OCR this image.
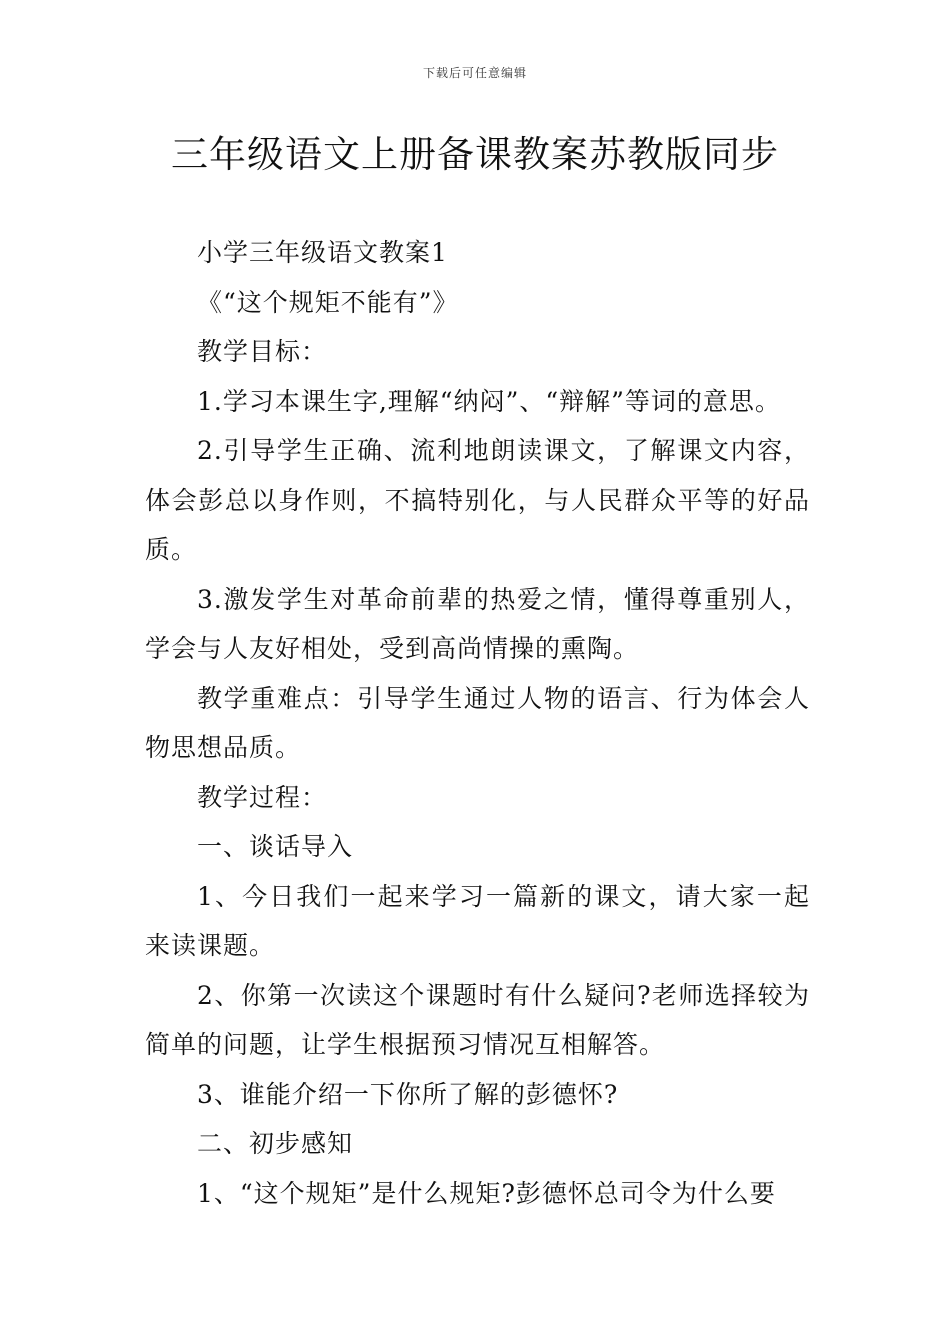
下载后可任意编辑
三年级语文上册备课教案苏教版同步

小学三年级语文教案1

《“这个规矩不能有”》

教学目标：

1.学习本课生字,理解“纳闷”、“辩解”等词的意思。

2.引导学生正确、流利地朗读课文，了解课文内容，体会彭总以身作则，不搞特别化，与人民群众平等的好品质。

3.激发学生对革命前辈的热爱之情，懂得尊重别人，学会与人友好相处，受到高尚情操的熏陶。

教学重难点：引导学生通过人物的语言、行为体会人物思想品质。

教学过程：

一、谈话导入

1、今日我们一起来学习一篇新的课文，请大家一起来读课题。

2、你第一次读这个课题时有什么疑问?老师选择较为简单的问题，让学生根据预习情况互相解答。

3、谁能介绍一下你所了解的彭德怀?

二、初步感知

1、“这个规矩”是什么规矩?彭德怀总司令为什么要
